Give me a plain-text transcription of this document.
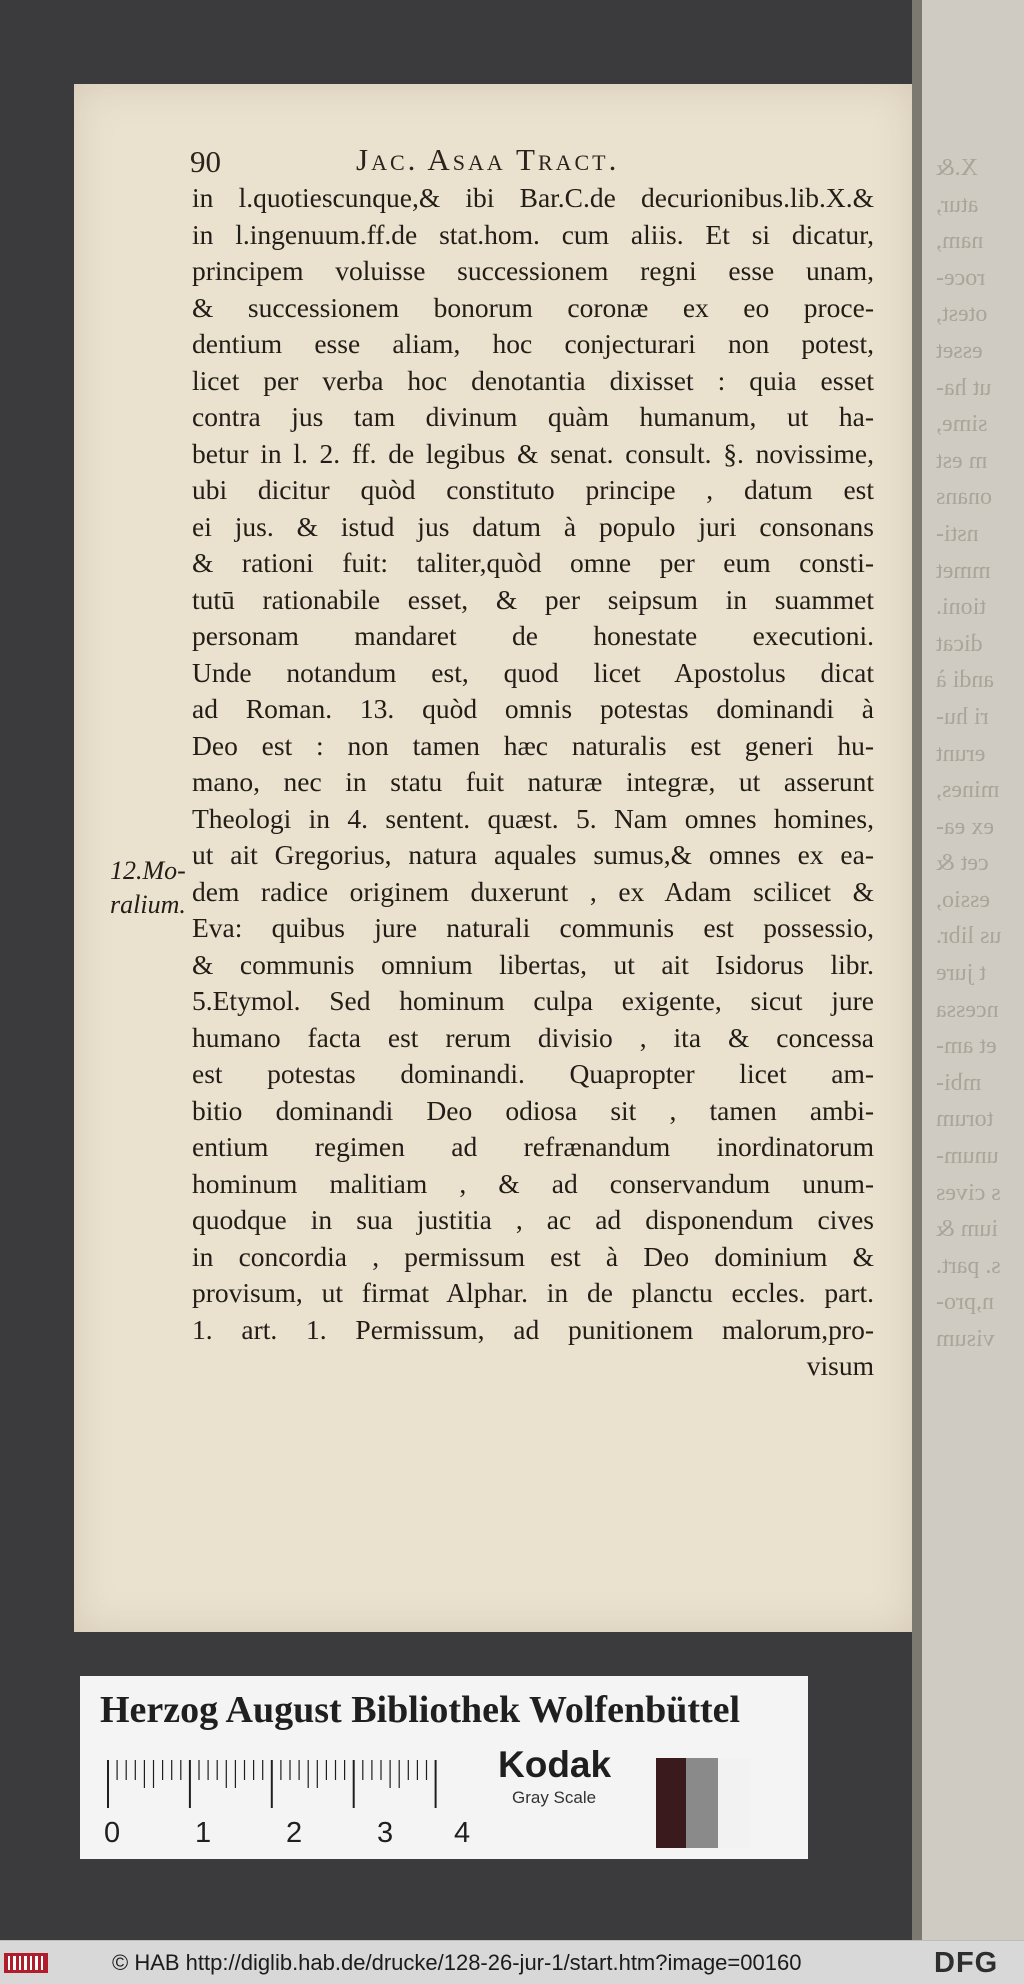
X.&
atur,
nam,
roce-
otest,
esset
ut ha-
sime,
m est
onans
nsti-
mmet
tioni.
dicat
andi à
ri hu-
erunt
mines,
ex ea-
cet &
essio,
us libr.
t jure
ncessa
et am-
mbi-
torum
unum-
s cives
ium &
s. part.
n,pro-
visum
90	Jac. Asaa Tract.
12.Mo-
ralium.
in l.quotiescunque,& ibi Bar.C.de decurionibus.lib.X.&
in l.ingenuum.ff.de stat.hom. cum aliis. Et si dicatur,
principem voluisse successionem regni esse unam,
& successionem bonorum coronæ ex eo proce-
dentium esse aliam, hoc conjecturari non potest,
licet per verba hoc denotantia dixisset : quia esset
contra jus tam divinum quàm humanum, ut ha-
betur in l. 2. ff. de legibus & senat. consult. §. novissime,
ubi dicitur quòd constituto principe , datum est
ei jus. & istud jus datum à populo juri consonans
& rationi fuit: taliter,quòd omne per eum consti-
tutū rationabile esset, & per seipsum in suammet
personam mandaret de honestate executioni.
Unde notandum est, quod licet Apostolus dicat
ad Roman. 13. quòd omnis potestas dominandi à
Deo est : non tamen hæc naturalis est generi hu-
mano, nec in statu fuit naturæ integræ, ut asserunt
Theologi in 4. sentent. quæst. 5. Nam omnes homines,
ut ait Gregorius, natura aquales sumus,& omnes ex ea-
dem radice originem duxerunt , ex Adam scilicet &
Eva: quibus jure naturali communis est possessio,
& communis omnium libertas, ut ait Isidorus libr.
5.Etymol. Sed hominum culpa exigente, sicut jure
humano facta est rerum divisio , ita & concessa
est potestas dominandi. Quapropter licet am-
bitio dominandi Deo odiosa sit , tamen ambi-
entium regimen ad refrænandum inordinatorum
hominum malitiam , & ad conservandum unum-
quodque in sua justitia , ac ad disponendum cives
in concordia , permissum est à Deo dominium &
provisum, ut firmat Alphar. in de planctu eccles. part.
1. art. 1. Permissum, ad punitionem malorum,pro-
visum
Herzog August Bibliothek Wolfenbüttel
0	1	2	3 4
Kodak
Gray Scale
© HAB http://diglib.hab.de/drucke/128-26-jur-1/start.htm?image=00160	DFG
